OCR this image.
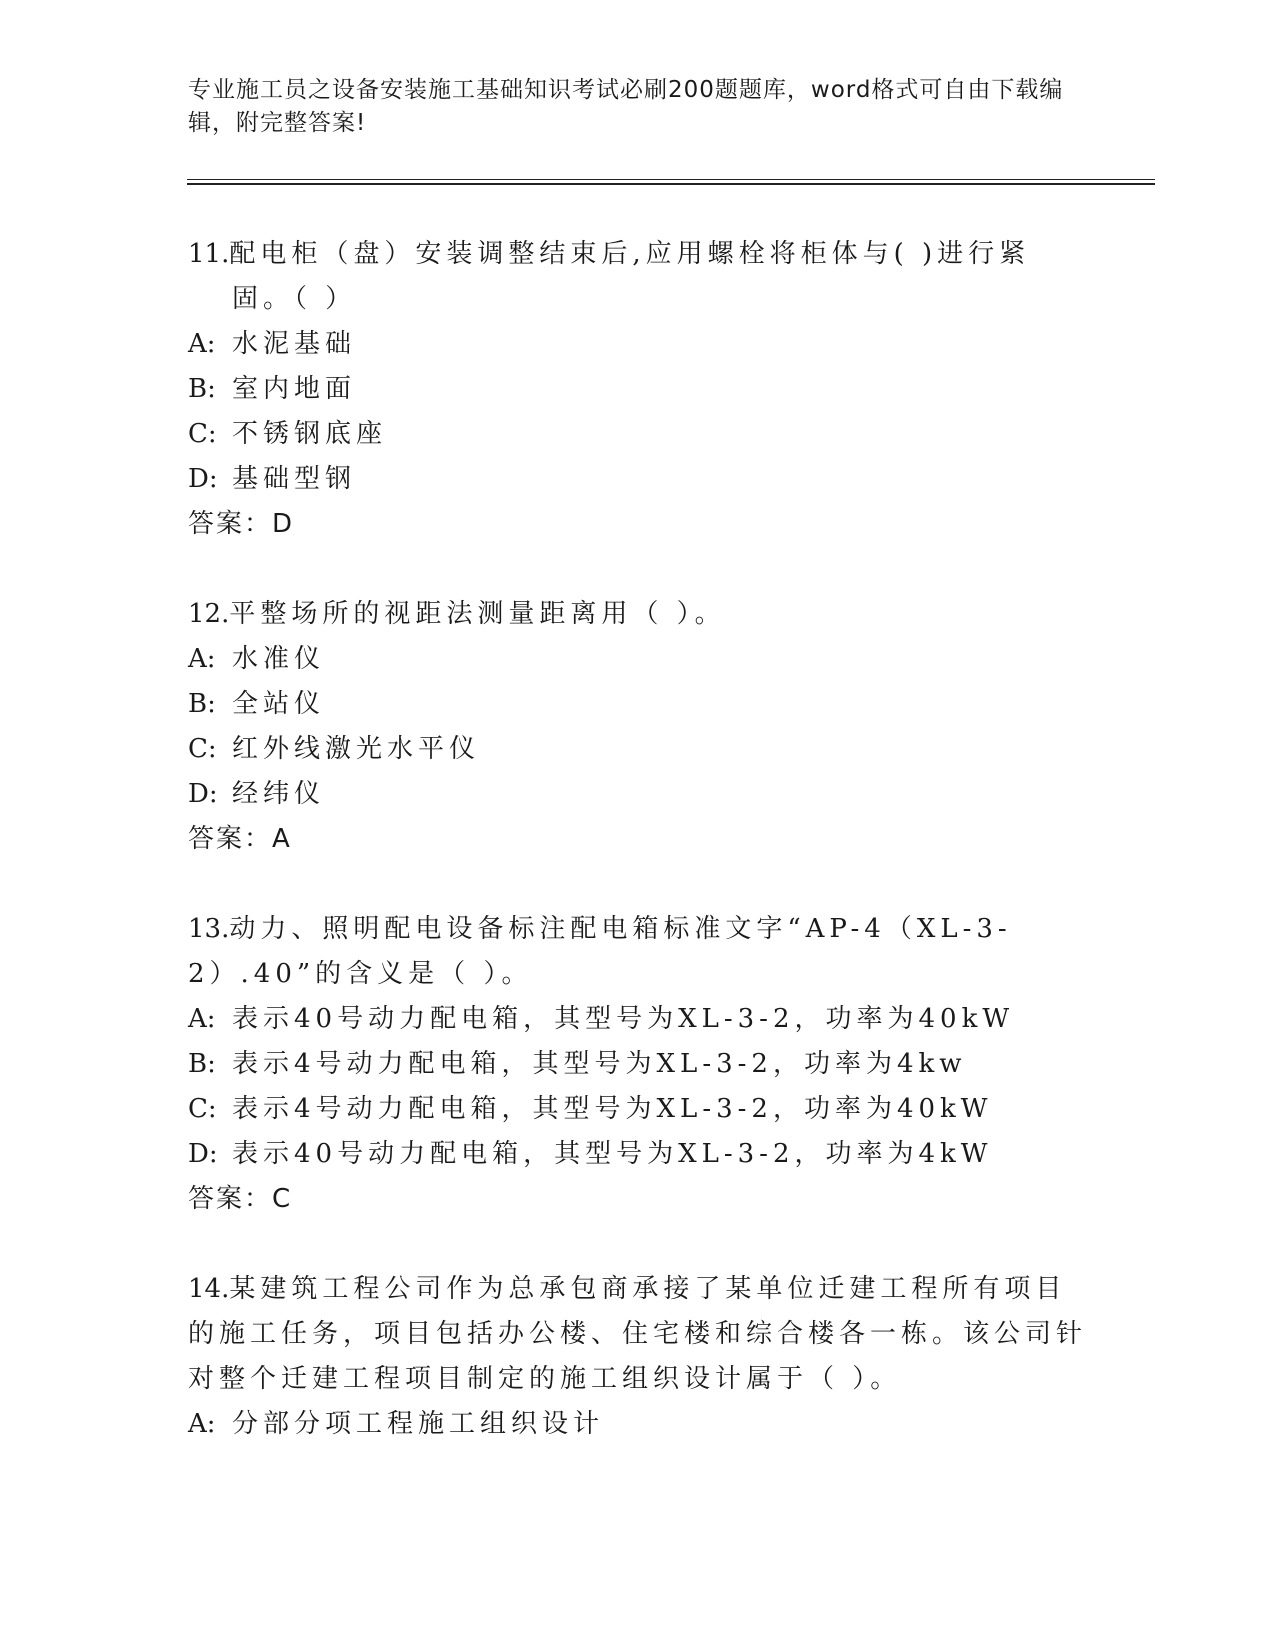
专业施工员之设备安装施工基础知识考试必刷200题题库，word格式可自由下载编辑，附完整答案!

11.配电柜（盘）安装调整结束后,应用螺栓将柜体与( )进行紧固。（ ）

A: 水泥基础

B: 室内地面

C: 不锈钢底座

D: 基础型钢

答案：D

12.平整场所的视距法测量距离用（ ）。

A: 水准仪

B: 全站仪

C: 红外线激光水平仪

D: 经纬仪

答案：A

13.动力、照明配电设备标注配电箱标准文字“AP-4（XL-3-2）.40”的含义是（ ）。

A: 表示40号动力配电箱，其型号为XL-3-2，功率为40kW

B: 表示4号动力配电箱，其型号为XL-3-2，功率为4kw

C: 表示4号动力配电箱，其型号为XL-3-2，功率为40kW

D: 表示40号动力配电箱，其型号为XL-3-2，功率为4kW

答案：C

14.某建筑工程公司作为总承包商承接了某单位迁建工程所有项目的施工任务，项目包括办公楼、住宅楼和综合楼各一栋。该公司针对整个迁建工程项目制定的施工组织设计属于（ ）。

A: 分部分项工程施工组织设计
